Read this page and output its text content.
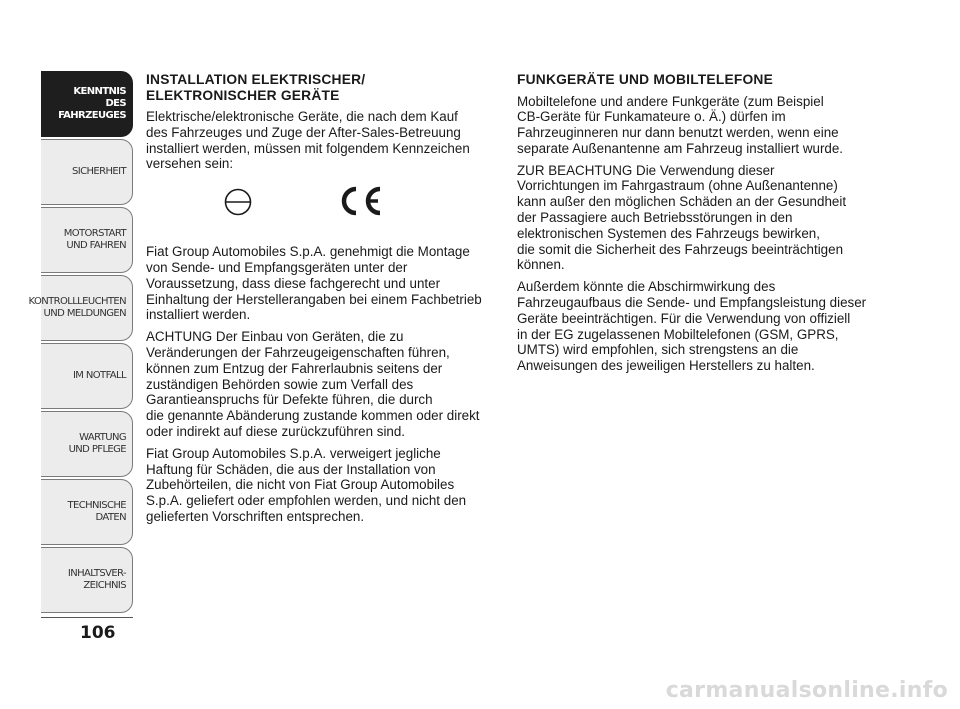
KENNTNIS
DES FAHRZEUGES
SICHERHEIT
MOTORSTART
UND FAHREN
KONTROLLLEUCHTEN
UND MELDUNGEN
IM NOTFALL
WARTUNG
UND PFLEGE
TECHNISCHE
DATEN
INHALTSVER-
ZEICHNIS
106
INSTALLATION ELEKTRISCHER/
ELEKTRONISCHER GERÄTE

Elektrische/elektronische Geräte, die nach dem Kauf
des Fahrzeuges und Zuge der After-Sales-Betreuung
installiert werden, müssen mit folgendem Kennzeichen
versehen sein:

Fiat Group Automobiles S.p.A. genehmigt die Montage
von Sende- und Empfangsgeräten unter der
Voraussetzung, dass diese fachgerecht und unter
Einhaltung der Herstellerangaben bei einem Fachbetrieb
installiert werden.

ACHTUNG Der Einbau von Geräten, die zu
Veränderungen der Fahrzeugeigenschaften führen,
können zum Entzug der Fahrerlaubnis seitens der
zuständigen Behörden sowie zum Verfall des
Garantieanspruchs für Defekte führen, die durch
die genannte Abänderung zustande kommen oder direkt
oder indirekt auf diese zurückzuführen sind.

Fiat Group Automobiles S.p.A. verweigert jegliche
Haftung für Schäden, die aus der Installation von
Zubehörteilen, die nicht von Fiat Group Automobiles
S.p.A. geliefert oder empfohlen werden, und nicht den
gelieferten Vorschriften entsprechen.

FUNKGERÄTE UND MOBILTELEFONE

Mobiltelefone und andere Funkgeräte (zum Beispiel
CB-Geräte für Funkamateure o. Ä.) dürfen im
Fahrzeuginneren nur dann benutzt werden, wenn eine
separate Außenantenne am Fahrzeug installiert wurde.

ZUR BEACHTUNG Die Verwendung dieser
Vorrichtungen im Fahrgastraum (ohne Außenantenne)
kann außer den möglichen Schäden an der Gesundheit
der Passagiere auch Betriebsstörungen in den
elektronischen Systemen des Fahrzeugs bewirken,
die somit die Sicherheit des Fahrzeugs beeinträchtigen
können.

Außerdem könnte die Abschirmwirkung des
Fahrzeugaufbaus die Sende- und Empfangsleistung dieser
Geräte beeinträchtigen. Für die Verwendung von offiziell
in der EG zugelassenen Mobiltelefonen (GSM, GPRS,
UMTS) wird empfohlen, sich strengstens an die
Anweisungen des jeweiligen Herstellers zu halten.

carmanualsonline.info
